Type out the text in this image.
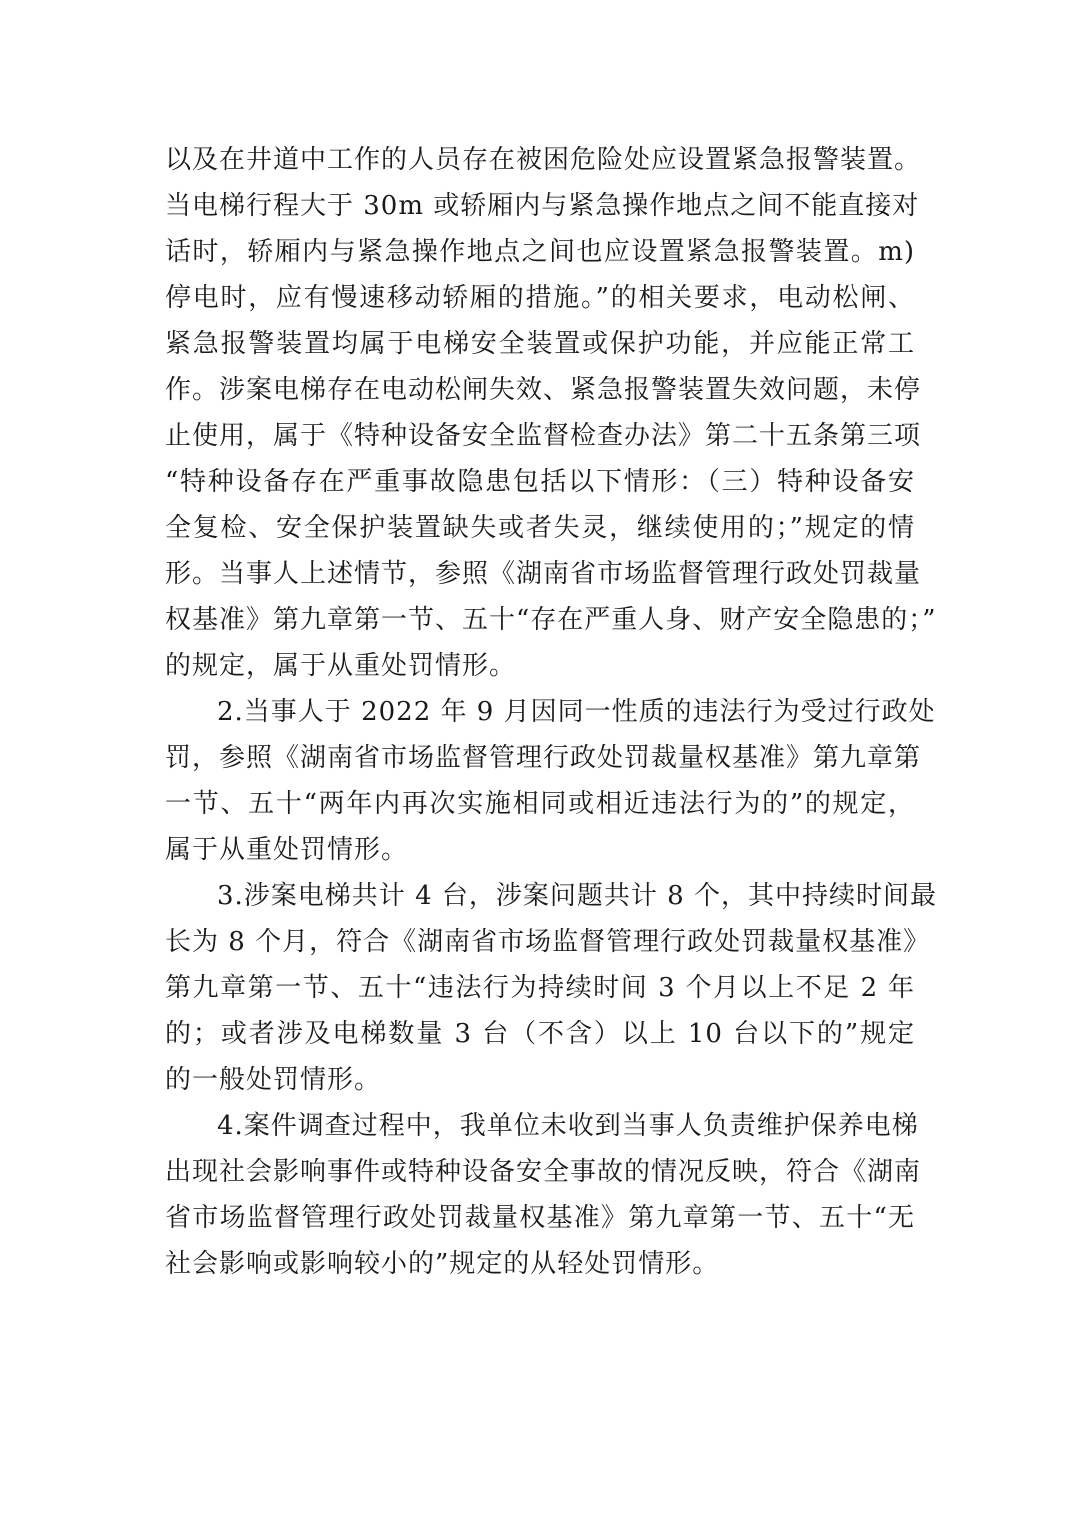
以及在井道中工作的人员存在被困危险处应设置紧急报警装置。
当电梯行程大于 30m 或轿厢内与紧急操作地点之间不能直接对
话时，轿厢内与紧急操作地点之间也应设置紧急报警装置。m)
停电时，应有慢速移动轿厢的措施。”的相关要求，电动松闸、
紧急报警装置均属于电梯安全装置或保护功能，并应能正常工
作。涉案电梯存在电动松闸失效、紧急报警装置失效问题，未停
止使用，属于《特种设备安全监督检查办法》第二十五条第三项
“特种设备存在严重事故隐患包括以下情形：（三）特种设备安
全复检、安全保护装置缺失或者失灵，继续使用的；”规定的情
形。当事人上述情节，参照《湖南省市场监督管理行政处罚裁量
权基准》第九章第一节、五十“存在严重人身、财产安全隐患的；”
的规定，属于从重处罚情形。
2.当事人于 2022 年 9 月因同一性质的违法行为受过行政处
罚，参照《湖南省市场监督管理行政处罚裁量权基准》第九章第
一节、五十“两年内再次实施相同或相近违法行为的”的规定，
属于从重处罚情形。
3.涉案电梯共计 4 台，涉案问题共计 8 个，其中持续时间最
长为 8 个月，符合《湖南省市场监督管理行政处罚裁量权基准》
第九章第一节、五十“违法行为持续时间 3 个月以上不足 2 年
的；或者涉及电梯数量 3 台（不含）以上 10 台以下的”规定
的一般处罚情形。
4.案件调查过程中，我单位未收到当事人负责维护保养电梯
出现社会影响事件或特种设备安全事故的情况反映，符合《湖南
省市场监督管理行政处罚裁量权基准》第九章第一节、五十“无
社会影响或影响较小的”规定的从轻处罚情形。
